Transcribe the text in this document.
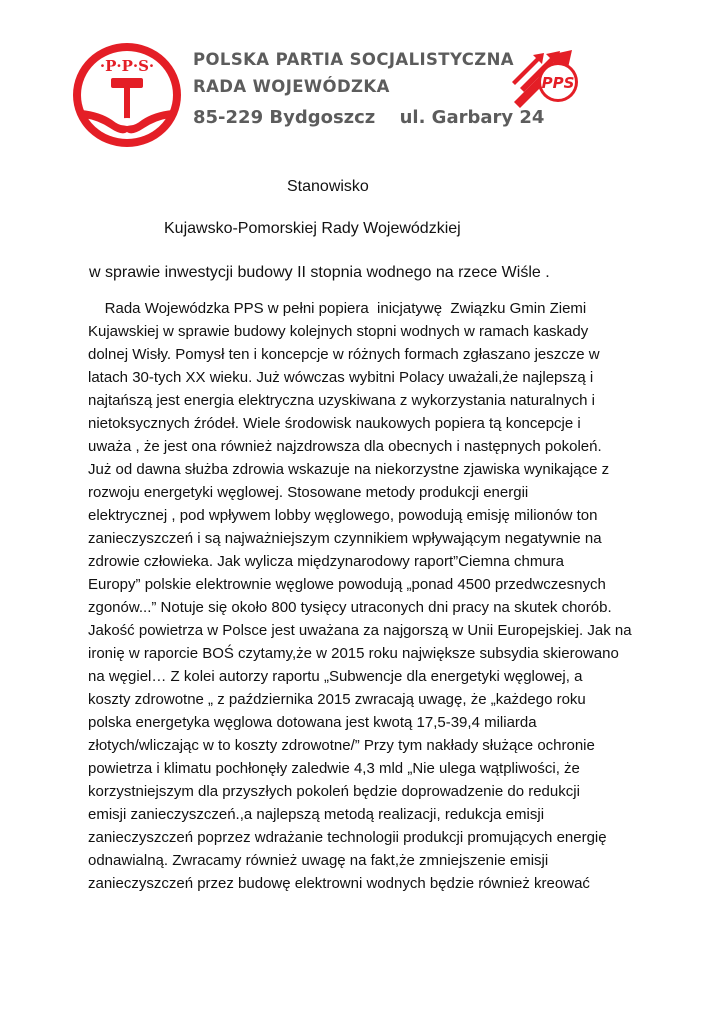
·P·P·S· POLSKA PARTIA SOCJALISTYCZNA
RADA WOJEWÓDZKA
85-229 Bydgoszcz ul. Garbary 24
PPS
Stanowisko
Kujawsko-Pomorskiej Rady Wojewódzkiej
w sprawie inwestycji budowy II stopnia wodnego na rzece Wiśle .
Rada Wojewódzka PPS w pełni popiera  inicjatywę  Związku Gmin Ziemi
Kujawskiej w sprawie budowy kolejnych stopni wodnych w ramach kaskady
dolnej Wisły. Pomysł ten i koncepcje w różnych formach zgłaszano jeszcze w
latach 30-tych XX wieku. Już wówczas wybitni Polacy uważali,że najlepszą i
najtańszą jest energia elektryczna uzyskiwana z wykorzystania naturalnych i
nietoksycznych źródeł. Wiele środowisk naukowych popiera tą koncepcje i
uważa , że jest ona również najzdrowsza dla obecnych i następnych pokoleń.
Już od dawna służba zdrowia wskazuje na niekorzystne zjawiska wynikające z
rozwoju energetyki węglowej. Stosowane metody produkcji energii
elektrycznej , pod wpływem lobby węglowego, powodują emisję milionów ton
zanieczyszczeń i są najważniejszym czynnikiem wpływającym negatywnie na
zdrowie człowieka. Jak wylicza międzynarodowy raport”Ciemna chmura
Europy” polskie elektrownie węglowe powodują „ponad 4500 przedwczesnych
zgonów...” Notuje się około 800 tysięcy utraconych dni pracy na skutek chorób.
Jakość powietrza w Polsce jest uważana za najgorszą w Unii Europejskiej. Jak na
ironię w raporcie BOŚ czytamy,że w 2015 roku największe subsydia skierowano
na węgiel… Z kolei autorzy raportu „Subwencje dla energetyki węglowej, a
koszty zdrowotne „ z października 2015 zwracają uwagę, że „każdego roku
polska energetyka węglowa dotowana jest kwotą 17,5-39,4 miliarda
złotych/wliczając w to koszty zdrowotne/” Przy tym nakłady służące ochronie
powietrza i klimatu pochłonęły zaledwie 4,3 mld „Nie ulega wątpliwości, że
korzystniejszym dla przyszłych pokoleń będzie doprowadzenie do redukcji
emisji zanieczyszczeń.,a najlepszą metodą realizacji, redukcja emisji
zanieczyszczeń poprzez wdrażanie technologii produkcji promujących energię
odnawialną. Zwracamy również uwagę na fakt,że zmniejszenie emisji
zanieczyszczeń przez budowę elektrowni wodnych będzie również kreować
